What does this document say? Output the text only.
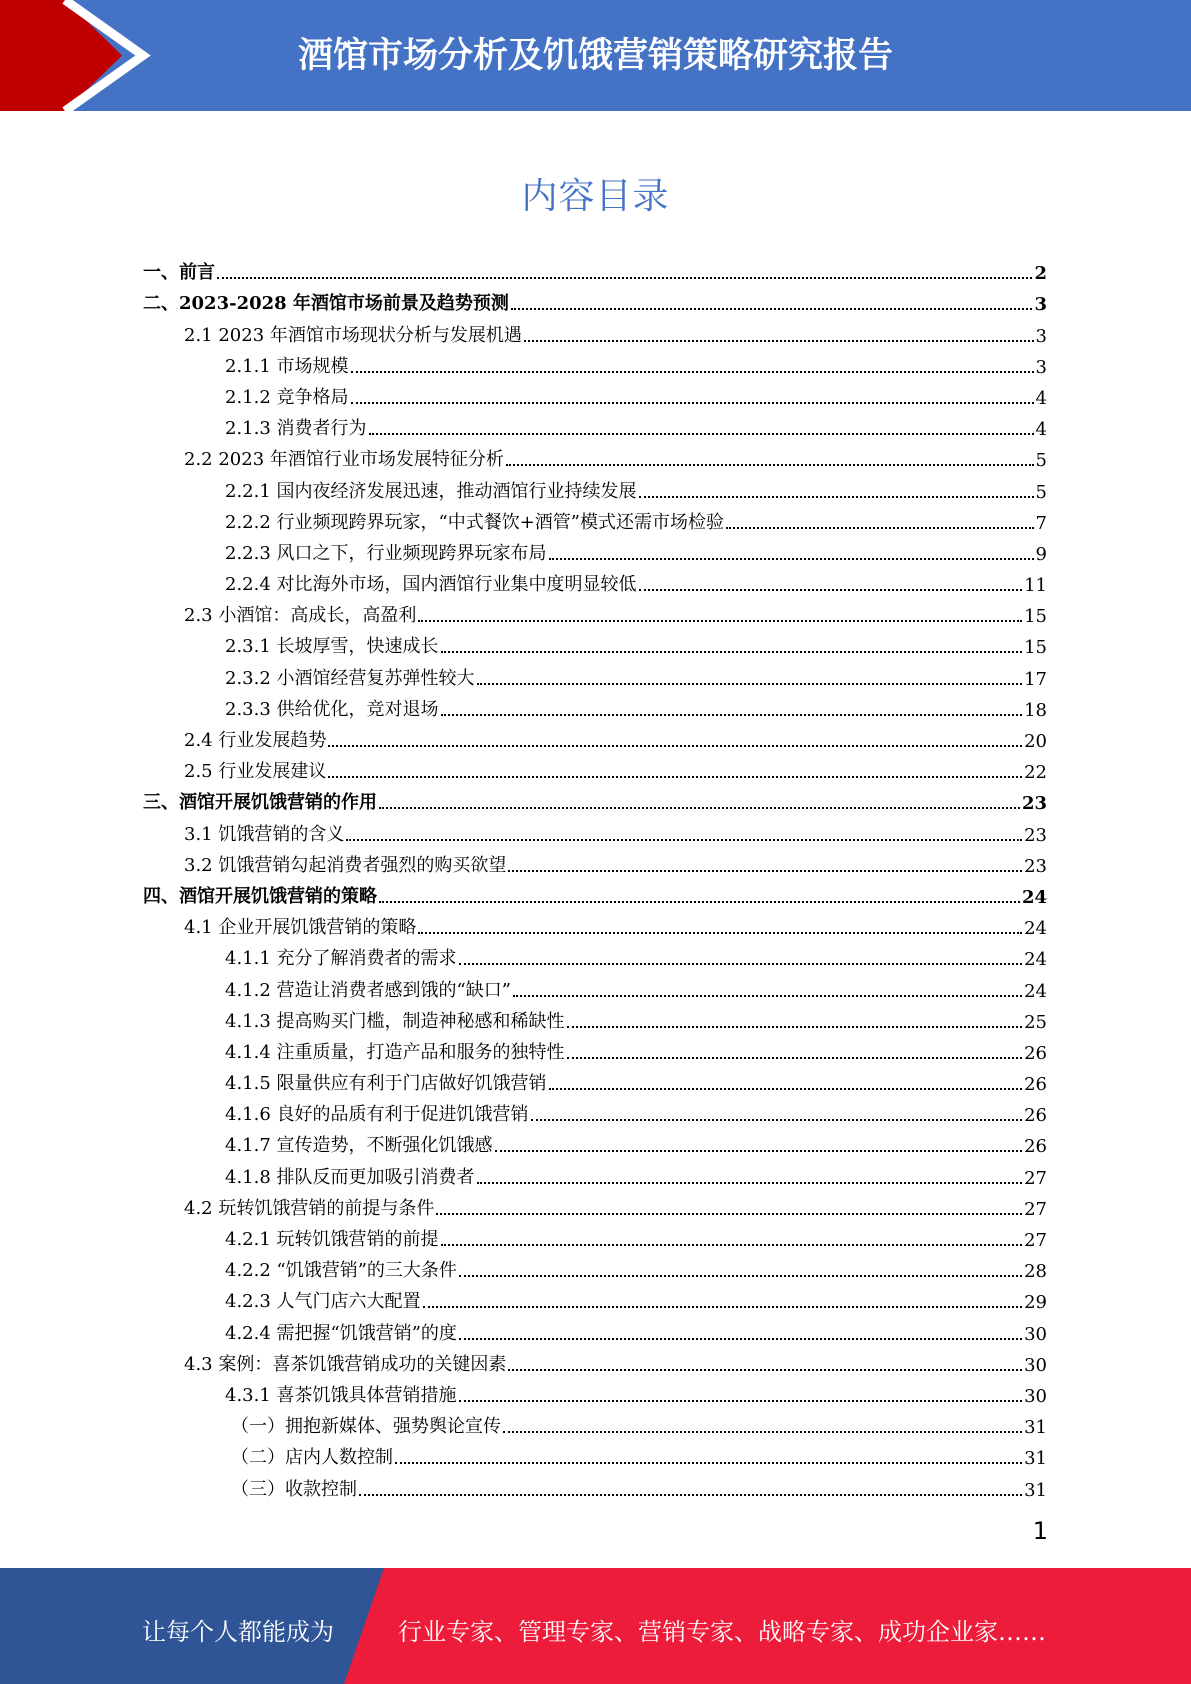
酒馆市场分析及饥饿营销策略研究报告
内容目录
一、前言	2
二、2023-2028 年酒馆市场前景及趋势预测	3
2.1 2023 年酒馆市场现状分析与发展机遇	3
2.1.1 市场规模	3
2.1.2 竞争格局	4
2.1.3 消费者行为	4
2.2 2023 年酒馆行业市场发展特征分析	5
2.2.1 国内夜经济发展迅速，推动酒馆行业持续发展	5
2.2.2 行业频现跨界玩家，“中式餐饮+酒管”模式还需市场检验	7
2.2.3 风口之下，行业频现跨界玩家布局	9
2.2.4 对比海外市场，国内酒馆行业集中度明显较低	11
2.3 小酒馆：高成长，高盈利	15
2.3.1 长坡厚雪，快速成长	15
2.3.2 小酒馆经营复苏弹性较大	17
2.3.3 供给优化，竞对退场	18
2.4 行业发展趋势	20
2.5 行业发展建议	22
三、酒馆开展饥饿营销的作用	23
3.1 饥饿营销的含义	23
3.2 饥饿营销勾起消费者强烈的购买欲望	23
四、酒馆开展饥饿营销的策略	24
4.1 企业开展饥饿营销的策略	24
4.1.1 充分了解消费者的需求	24
4.1.2 营造让消费者感到饿的“缺口”	24
4.1.3 提高购买门槛，制造神秘感和稀缺性	25
4.1.4 注重质量，打造产品和服务的独特性	26
4.1.5 限量供应有利于门店做好饥饿营销	26
4.1.6 良好的品质有利于促进饥饿营销	26
4.1.7 宣传造势，不断强化饥饿感	26
4.1.8 排队反而更加吸引消费者	27
4.2 玩转饥饿营销的前提与条件	27
4.2.1 玩转饥饿营销的前提	27
4.2.2 “饥饿营销”的三大条件	28
4.2.3 人气门店六大配置	29
4.2.4 需把握“饥饿营销”的度	30
4.3 案例：喜茶饥饿营销成功的关键因素	30
4.3.1 喜茶饥饿具体营销措施	30
（一）拥抱新媒体、强势舆论宣传	31
（二）店内人数控制	31
（三）收款控制	31
1
让每个人都能成为	行业专家、管理专家、营销专家、战略专家、成功企业家……
